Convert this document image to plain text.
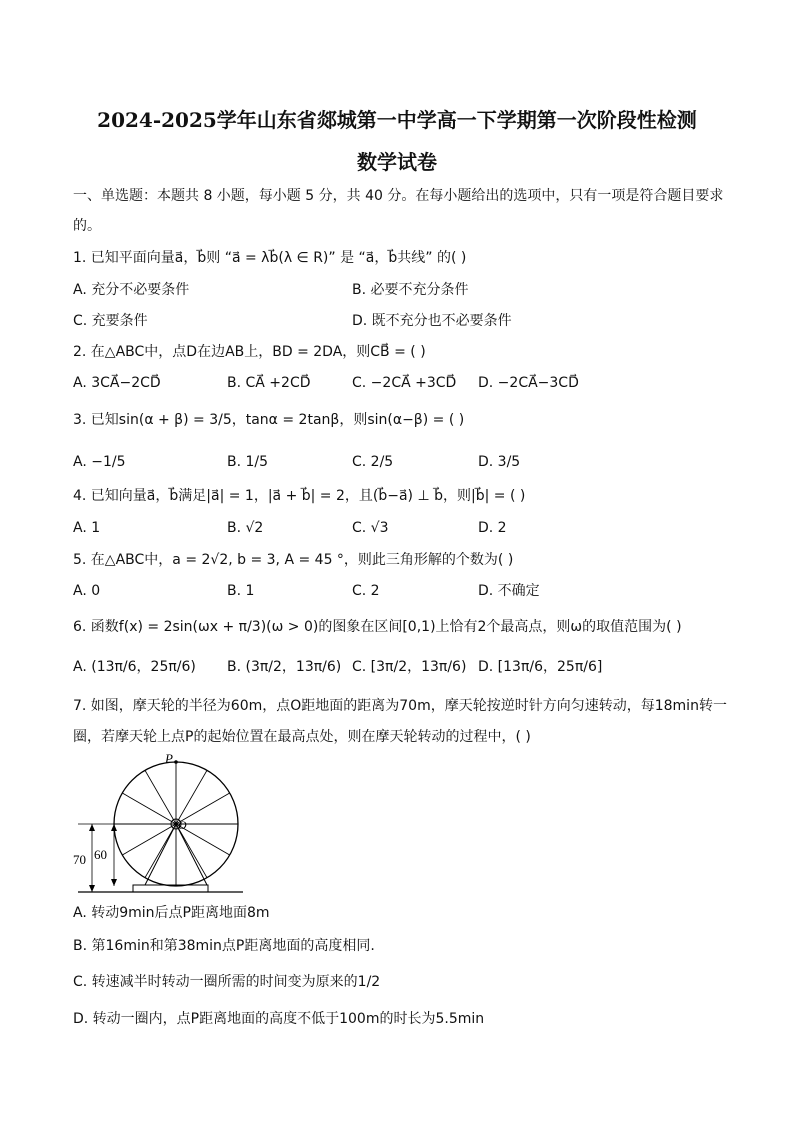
2024-2025学年山东省郯城第一中学高一下学期第一次阶段性检测
数学试卷
一、单选题：本题共 8 小题，每小题 5 分，共 40 分。在每小题给出的选项中，只有一项是符合题目要求
的。
1. 已知平面向量a⃗，b⃗则 “a⃗ = λb⃗(λ ∈ R)” 是 “a⃗，b⃗共线” 的( )
A. 充分不必要条件	B. 必要不充分条件
C. 充要条件	D. 既不充分也不必要条件
2. 在△ABC中，点D在边AB上，BD = 2DA，则CB⃗ = ( )
A. 3CA⃗−2CD⃗	B. CA⃗ +2CD⃗	C. −2CA⃗ +3CD⃗ D. −2CA⃗−3CD⃗
3. 已知sin(α + β) = 3/5，tanα = 2tanβ，则sin(α−β) = ( )
A. −1/5	B. 1/5	C. 2/5	D. 3/5
4. 已知向量a⃗，b⃗满足|a⃗| = 1，|a⃗ + b⃗| = 2，且(b⃗−a⃗) ⊥ b⃗，则|b⃗| = ( )
A. 1	B. √2	C. √3	D. 2
5. 在△ABC中，a = 2√2, b = 3, A = 45 °，则此三角形解的个数为( )
A. 0	B. 1	C. 2	D. 不确定
6. 函数f(x) = 2sin(ωx + π/3)(ω > 0)的图象在区间[0,1)上恰有2个最高点，则ω的取值范围为( )
A. (13π/6，25π/6) B. (3π/2，13π/6) C. [3π/2，13π/6) D. [13π/6，25π/6]
7. 如图，摩天轮的半径为60m，点O距地面的距离为70m，摩天轮按逆时针方向匀速转动，每18min转一
圈，若摩天轮上点P的起始位置在最高点处，则在摩天轮转动的过程中，( )
P
O
70 60
A. 转动9min后点P距离地面8m
B. 第16min和第38min点P距离地面的高度相同.
C. 转速减半时转动一圈所需的时间变为原来的1/2
D. 转动一圈内，点P距离地面的高度不低于100m的时长为5.5min
